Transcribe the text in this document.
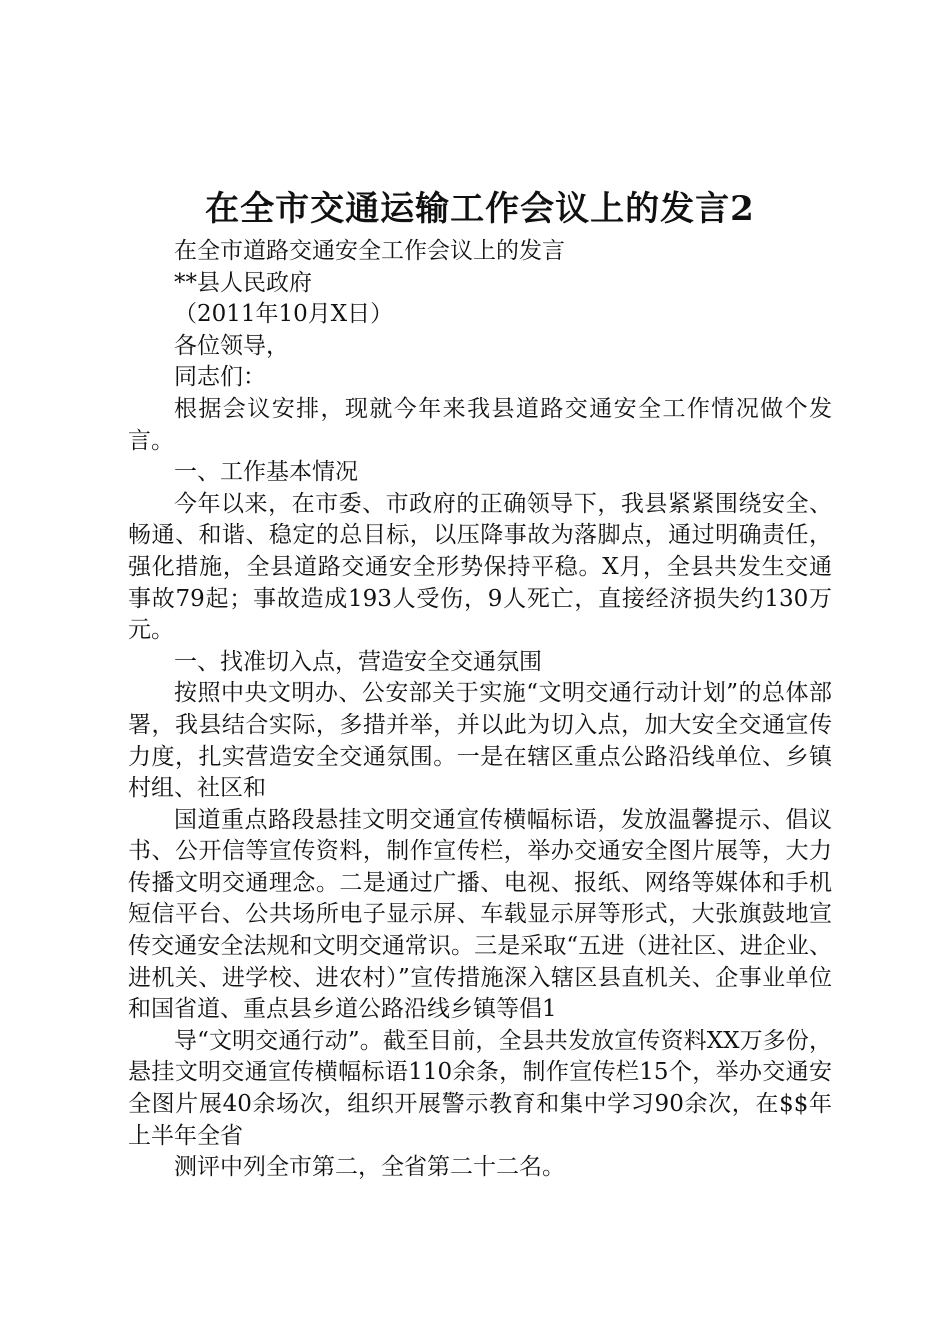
在全市交通运输工作会议上的发言2

在全市道路交通安全工作会议上的发言

**县人民政府

（2011年10月X日）

各位领导，

同志们：

根据会议安排，现就今年来我县道路交通安全工作情况做个发言。

一、工作基本情况

今年以来，在市委、市政府的正确领导下，我县紧紧围绕安全、畅通、和谐、稳定的总目标，以压降事故为落脚点，通过明确责任，强化措施，全县道路交通安全形势保持平稳。X月，全县共发生交通事故79起；事故造成193人受伤，9人死亡，直接经济损失约130万元。

一、找准切入点，营造安全交通氛围

按照中央文明办、公安部关于实施“文明交通行动计划”的总体部署，我县结合实际，多措并举，并以此为切入点，加大安全交通宣传力度，扎实营造安全交通氛围。一是在辖区重点公路沿线单位、乡镇村组、社区和

国道重点路段悬挂文明交通宣传横幅标语，发放温馨提示、倡议书、公开信等宣传资料，制作宣传栏，举办交通安全图片展等，大力传播文明交通理念。二是通过广播、电视、报纸、网络等媒体和手机短信平台、公共场所电子显示屏、车载显示屏等形式，大张旗鼓地宣传交通安全法规和文明交通常识。三是采取“五进（进社区、进企业、进机关、进学校、进农村）”宣传措施深入辖区县直机关、企事业单位和国省道、重点县乡道公路沿线乡镇等倡1

导“文明交通行动”。截至目前，全县共发放宣传资料XX万多份，悬挂文明交通宣传横幅标语110余条，制作宣传栏15个，举办交通安全图片展40余场次，组织开展警示教育和集中学习90余次，在$$年上半年全省

测评中列全市第二，全省第二十二名。
